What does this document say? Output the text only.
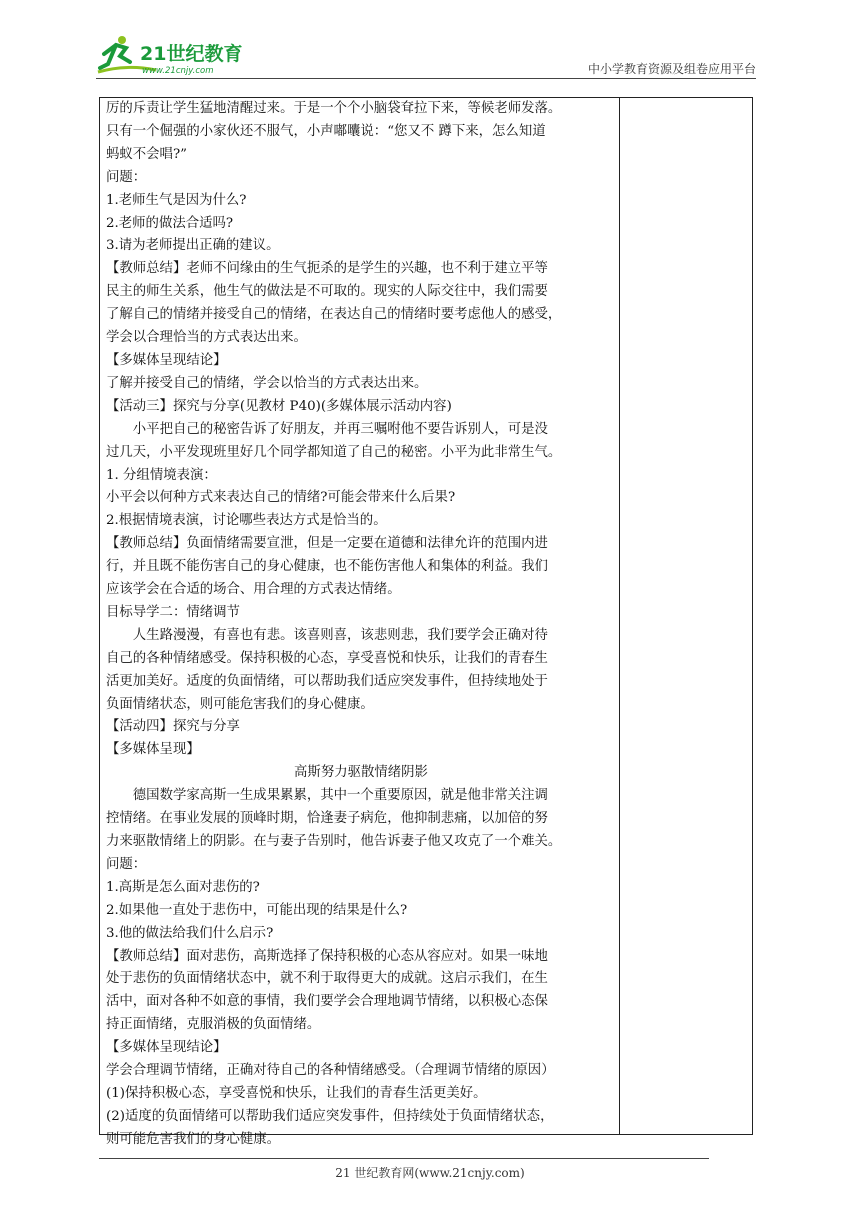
21世纪教育
www.21cnjy.com	中小学教育资源及组卷应用平台

厉的斥责让学生猛地清醒过来。于是一个个小脑袋耷拉下来，等候老师发落。

只有一个倔强的小家伙还不服气，小声嘟囔说：“您又不 蹲下来，怎么知道

蚂蚁不会唱?”

问题：

1.老师生气是因为什么?

2.老师的做法合适吗?

3.请为老师提出正确的建议。

【教师总结】老师不问缘由的生气扼杀的是学生的兴趣，也不利于建立平等

民主的师生关系，他生气的做法是不可取的。现实的人际交往中，我们需要

了解自己的情绪并接受自己的情绪，在表达自己的情绪时要考虑他人的感受，

学会以合理恰当的方式表达出来。

【多媒体呈现结论】

了解并接受自己的情绪，学会以恰当的方式表达出来。

【活动三】探究与分享(见教材 P40)(多媒体展示活动内容)

小平把自己的秘密告诉了好朋友，并再三嘱咐他不要告诉别人，可是没

过几天，小平发现班里好几个同学都知道了自己的秘密。小平为此非常生气。

1. 分组情境表演：

小平会以何种方式来表达自己的情绪?可能会带来什么后果?

2.根据情境表演，讨论哪些表达方式是恰当的。

【教师总结】负面情绪需要宣泄，但是一定要在道德和法律允许的范围内进

行，并且既不能伤害自己的身心健康，也不能伤害他人和集体的利益。我们

应该学会在合适的场合、用合理的方式表达情绪。

目标导学二：情绪调节

人生路漫漫，有喜也有悲。该喜则喜，该悲则悲，我们要学会正确对待

自己的各种情绪感受。保持积极的心态，享受喜悦和快乐，让我们的青春生

活更加美好。适度的负面情绪，可以帮助我们适应突发事件，但持续地处于

负面情绪状态，则可能危害我们的身心健康。

【活动四】探究与分享

【多媒体呈现】

高斯努力驱散情绪阴影

德国数学家高斯一生成果累累，其中一个重要原因，就是他非常关注调

控情绪。在事业发展的顶峰时期，恰逢妻子病危，他抑制悲痛，以加倍的努

力来驱散情绪上的阴影。在与妻子告别时，他告诉妻子他又攻克了一个难关。

问题：

1.高斯是怎么面对悲伤的?

2.如果他一直处于悲伤中，可能出现的结果是什么?

3.他的做法给我们什么启示?

【教师总结】面对悲伤，高斯选择了保持积极的心态从容应对。如果一味地

处于悲伤的负面情绪状态中，就不利于取得更大的成就。这启示我们，在生

活中，面对各种不如意的事情，我们要学会合理地调节情绪，以积极心态保

持正面情绪，克服消极的负面情绪。

【多媒体呈现结论】

学会合理调节情绪，正确对待自己的各种情绪感受。（合理调节情绪的原因）

(1)保持积极心态，享受喜悦和快乐，让我们的青春生活更美好。

(2)适度的负面情绪可以帮助我们适应突发事件，但持续处于负面情绪状态，

则可能危害我们的身心健康。

21 世纪教育网(www.21cnjy.com)
